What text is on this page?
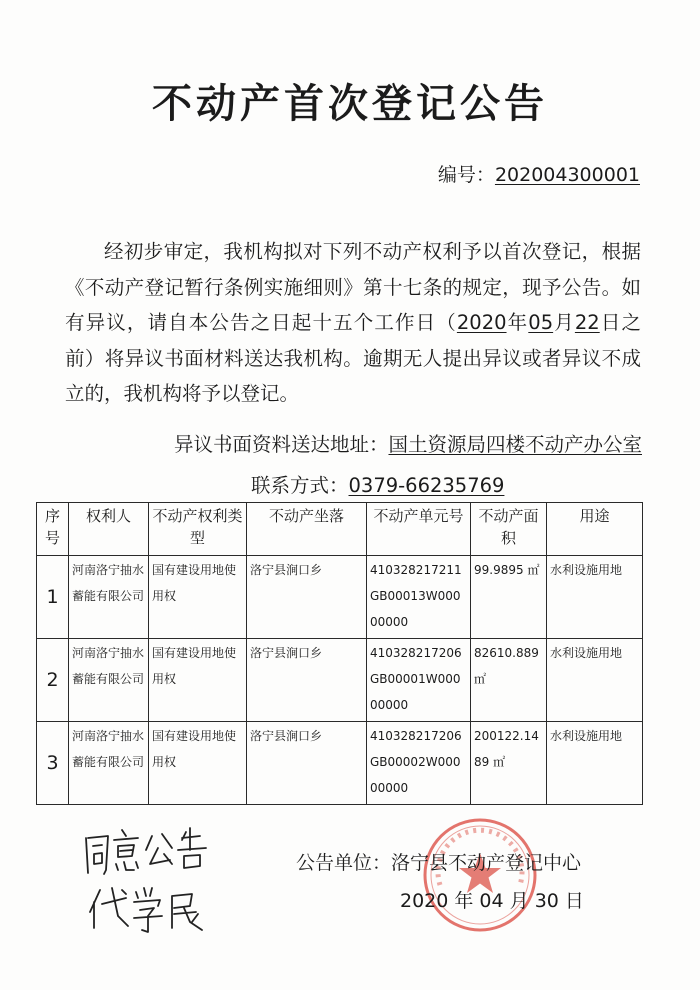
不动产首次登记公告
编号：202004300001

经初步审定，我机构拟对下列不动产权利予以首次登记，根据《不动产登记暂行条例实施细则》第十七条的规定，现予公告。如有异议，请自本公告之日起十五个工作日（2020年05月22日之前）将异议书面材料送达我机构。逾期无人提出异议或者异议不成立的，我机构将予以登记。

异议书面资料送达地址：国土资源局四楼不动产办公室
联系方式：0379-66235769
序号	权利人	不动产权利类型	不动产坐落	不动产单元号	不动产面积	用途
1	河南洛宁抽水蓄能有限公司	国有建设用地使用权	洛宁县涧口乡	410328217211GB00013W00000000	99.9895 ㎡	水利设施用地
2	河南洛宁抽水蓄能有限公司	国有建设用地使用权	洛宁县涧口乡	410328217206GB00001W00000000	82610.889 ㎡	水利设施用地
3	河南洛宁抽水蓄能有限公司	国有建设用地使用权	洛宁县涧口乡	410328217206GB00002W00000000	200122.1489 ㎡	水利设施用地
公告单位：洛宁县不动产登记中心
2020 年 04 月 30 日
